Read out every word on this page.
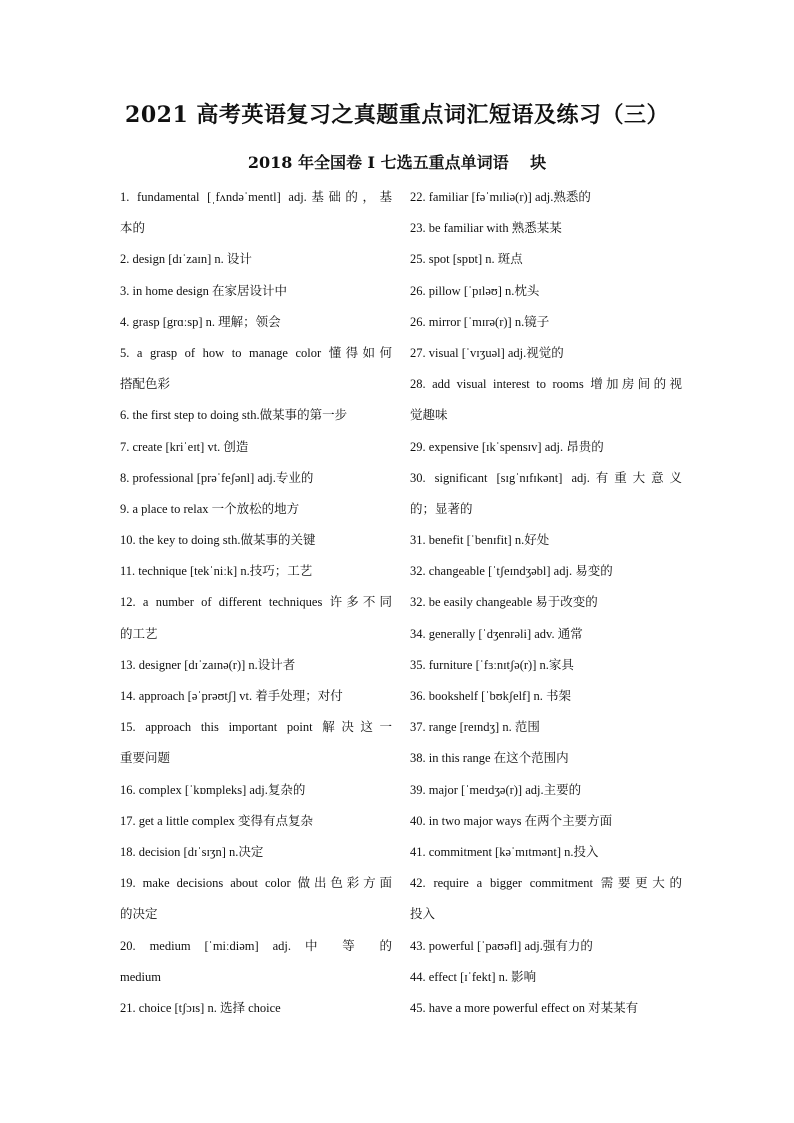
2021 高考英语复习之真题重点词汇短语及练习（三）
2018 年全国卷 I 七选五重点单词语　 块
1. fundamental [ˌfʌndəˈmentl] adj.基础的，基
本的
2. design [dɪˈzaɪn] n. 设计
3. in home design 在家居设计中
4. grasp [grɑːsp] n. 理解；领会
5. a grasp of how to manage color 懂得如何
搭配色彩
6. the first step to doing sth.做某事的第一步
7. create [kriˈeɪt] vt. 创造
8. professional [prəˈfeʃənl] adj.专业的
9. a place to relax 一个放松的地方
10. the key to doing sth.做某事的关键
11. technique [tekˈniːk] n.技巧；工艺
12. a number of different techniques 许多不同
的工艺
13. designer [dɪˈzaɪnə(r)] n.设计者
14. approach [əˈprəʊtʃ] vt. 着手处理；对付
15. approach this important point 解决这一
重要问题
16. complex [ˈkɒmpleks] adj.复杂的
17. get a little complex 变得有点复杂
18. decision [dɪˈsɪʒn] n.决定
19. make decisions about color 做出色彩方面
的决定
20. medium [ˈmiːdiəm] adj. 中 等 的
medium
21. choice [tʃɔɪs] n. 选择 choice
22. familiar [fəˈmɪliə(r)] adj.熟悉的
23. be familiar with 熟悉某某
25. spot [spɒt] n. 斑点
26. pillow [ˈpɪləʊ] n.枕头
26. mirror [ˈmɪrə(r)] n.镜子
27. visual [ˈvɪʒuəl] adj.视觉的
28. add visual interest to rooms 增加房间的视
觉趣味
29. expensive [ɪkˈspensɪv] adj. 昂贵的
30. significant [sɪgˈnɪfɪkənt] adj.有重大意义
的；显著的
31. benefit [ˈbenɪfit] n.好处
32. changeable [ˈtʃeɪndʒəbl] adj. 易变的
32. be easily changeable 易于改变的
34. generally [ˈdʒenrəli] adv. 通常
35. furniture [ˈfɜːnɪtʃə(r)] n.家具
36. bookshelf [ˈbʊkʃelf] n. 书架
37. range [reɪndʒ] n. 范围
38. in this range 在这个范围内
39. major [ˈmeɪdʒə(r)] adj.主要的
40. in two major ways 在两个主要方面
41. commitment [kəˈmɪtmənt] n.投入
42. require a bigger commitment 需要更大的
投入
43. powerful [ˈpaʊəfl] adj.强有力的
44. effect [ɪˈfekt] n. 影响
45. have a more powerful effect on 对某某有
